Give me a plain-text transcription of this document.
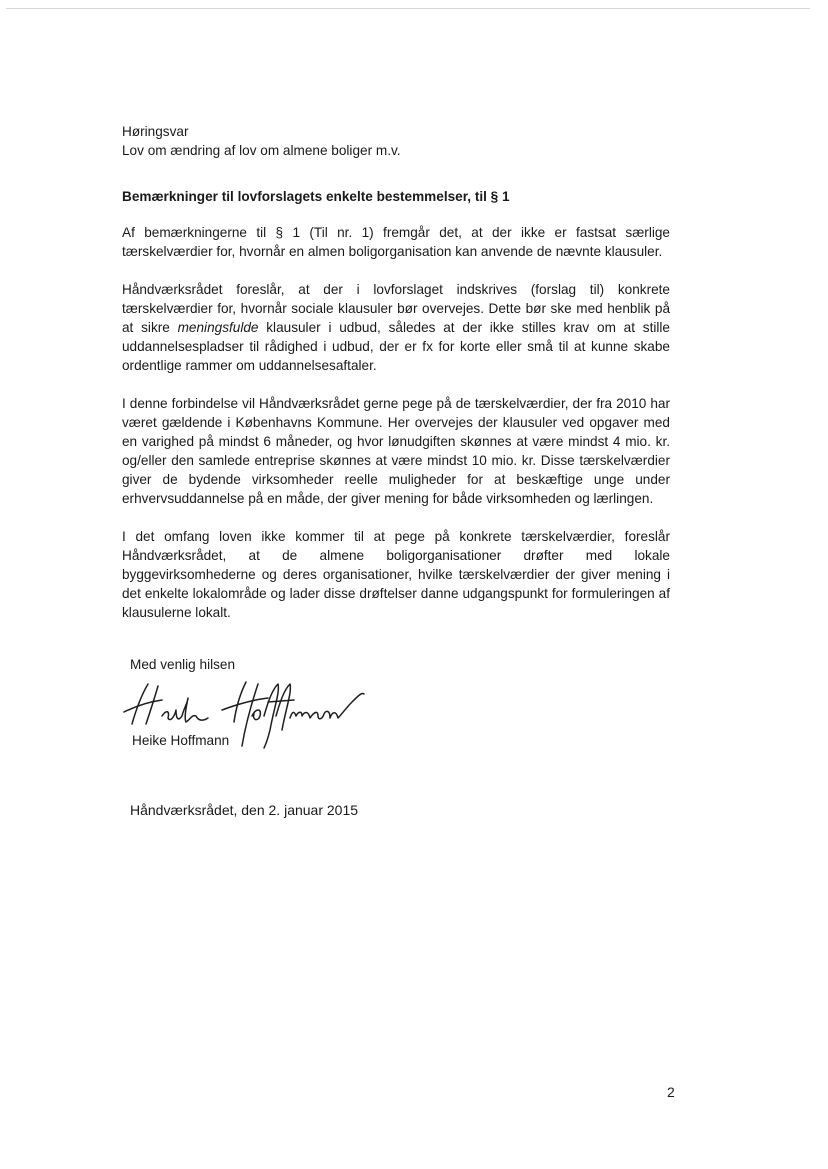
Høringsvar

Lov om ændring af lov om almene boliger m.v.

Bemærkninger til lovforslagets enkelte bestemmelser, til § 1

Af bemærkningerne til § 1 (Til nr. 1) fremgår det, at der ikke er fastsat særlige tærskelværdier for, hvornår en almen boligorganisation kan anvende de nævnte klausuler.

Håndværksrådet foreslår, at der i lovforslaget indskrives (forslag til) konkrete tærskelværdier for, hvornår sociale klausuler bør overvejes. Dette bør ske med henblik på at sikre meningsfulde klausuler i udbud, således at der ikke stilles krav om at stille uddannelsespladser til rådighed i udbud, der er fx for korte eller små til at kunne skabe ordentlige rammer om uddannelsesaftaler.

I denne forbindelse vil Håndværksrådet gerne pege på de tærskelværdier, der fra 2010 har været gældende i Københavns Kommune. Her overvejes der klausuler ved opgaver med en varighed på mindst 6 måneder, og hvor lønudgiften skønnes at være mindst 4 mio. kr. og/eller den samlede entreprise skønnes at være mindst 10 mio. kr. Disse tærskelværdier giver de bydende virksomheder reelle muligheder for at beskæftige unge under erhvervsuddannelse på en måde, der giver mening for både virksomheden og lærlingen.

I det omfang loven ikke kommer til at pege på konkrete tærskelværdier, foreslår Håndværksrådet, at de almene boligorganisationer drøfter med lokale byggevirksomhederne og deres organisationer, hvilke tærskelværdier der giver mening i det enkelte lokalområde og lader disse drøftelser danne udgangspunkt for formuleringen af klausulerne lokalt.

Med venlig hilsen

Heike Hoffmann

Håndværksrådet, den 2. januar 2015

2
